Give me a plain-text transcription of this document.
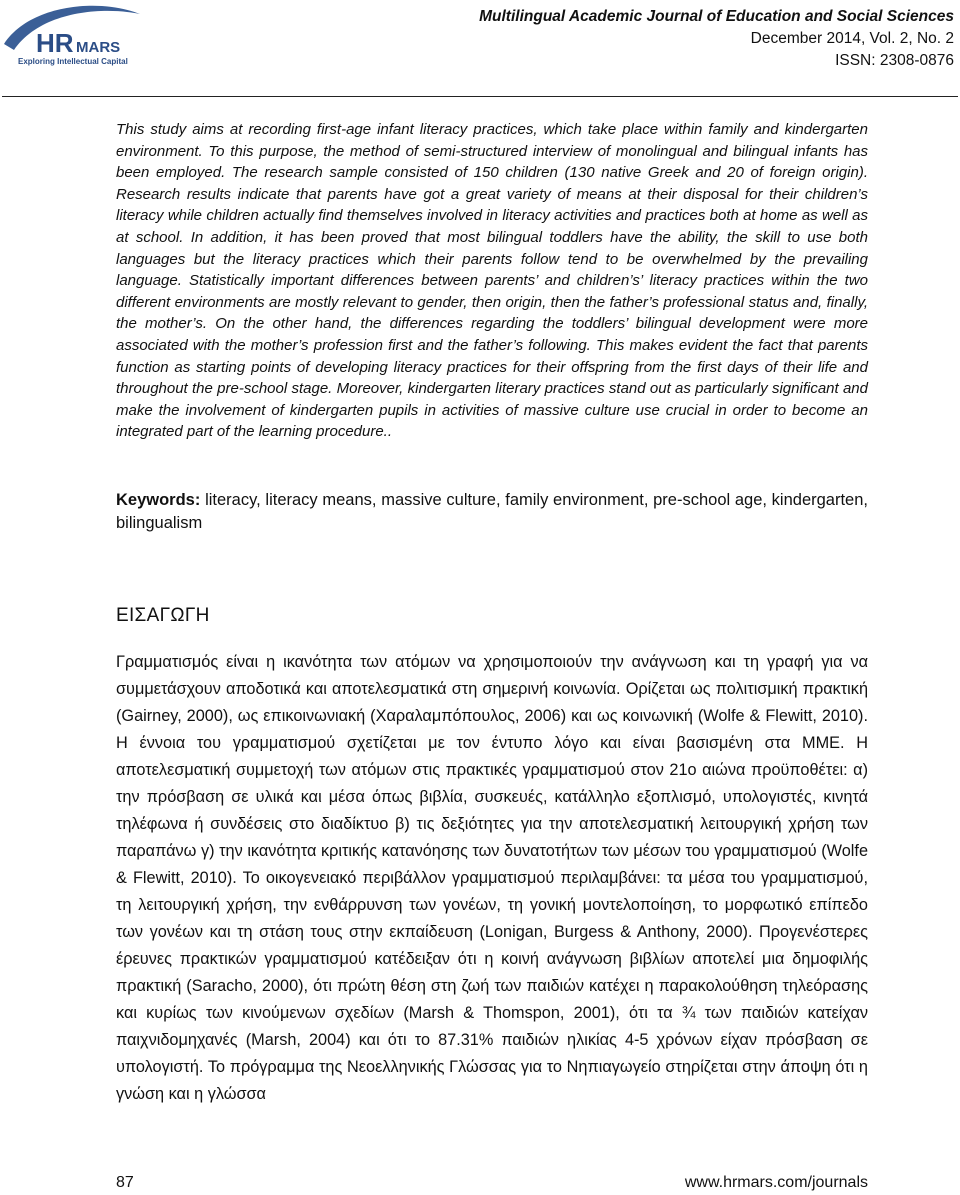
HR MARS
Exploring Intellectual Capital
Multilingual Academic Journal of Education and Social Sciences
December 2014, Vol. 2, No. 2
ISSN: 2308-0876

This study aims at recording first-age infant literacy practices, which take place within family and kindergarten environment. To this purpose, the method of semi-structured interview of monolingual and bilingual infants has been employed. The research sample consisted of 150 children (130 native Greek and 20 of foreign origin). Research results indicate that parents have got a great variety of means at their disposal for their children’s literacy while children actually find themselves involved in literacy activities and practices both at home as well as at school. In addition, it has been proved that most bilingual toddlers have the ability, the skill to use both languages but the literacy practices which their parents follow tend to be overwhelmed by the prevailing language. Statistically important differences between parents’ and children’s’ literacy practices within the two different environments are mostly relevant to gender, then origin, then the father’s professional status and, finally, the mother’s. On the other hand, the differences regarding the toddlers’ bilingual development were more associated with the mother’s profession first and the father’s following. This makes evident the fact that parents function as starting points of developing literacy practices for their offspring from the first days of their life and throughout the pre-school stage. Moreover, kindergarten literary practices stand out as particularly significant and make the involvement of kindergarten pupils in activities of massive culture use crucial in order to become an integrated part of the learning procedure..

Keywords: literacy, literacy means, massive culture, family environment, pre-school age, kindergarten, bilingualism

ΕΙΣΑΓΩΓΗ

Γραμματισμός είναι η ικανότητα των ατόμων να χρησιμοποιούν την ανάγνωση και τη γραφή για να συμμετάσχουν αποδοτικά και αποτελεσματικά στη σημερινή κοινωνία. Ορίζεται ως πολιτισμική πρακτική (Gairney, 2000), ως επικοινωνιακή (Χαραλαμπόπουλος, 2006) και ως κοινωνική (Wolfe & Flewitt, 2010). Η έννοια του γραμματισμού σχετίζεται με τον έντυπο λόγο και είναι βασισμένη στα ΜΜΕ. Η αποτελεσματική συμμετοχή των ατόμων στις πρακτικές γραμματισμού στον 21ο αιώνα προϋποθέτει: α) την πρόσβαση σε υλικά και μέσα όπως βιβλία, συσκευές, κατάλληλο εξοπλισμό, υπολογιστές, κινητά τηλέφωνα ή συνδέσεις στο διαδίκτυο β) τις δεξιότητες για την αποτελεσματική λειτουργική χρήση των παραπάνω γ) την ικανότητα κριτικής κατανόησης των δυνατοτήτων των μέσων του γραμματισμού (Wolfe & Flewitt, 2010). Το οικογενειακό περιβάλλον γραμματισμού περιλαμβάνει: τα μέσα του γραμματισμού, τη λειτουργική χρήση, την ενθάρρυνση των γονέων, τη γονική μοντελοποίηση, το μορφωτικό επίπεδο των γονέων και τη στάση τους στην εκπαίδευση (Lonigan, Burgess & Anthony, 2000). Προγενέστερες έρευνες πρακτικών γραμματισμού κατέδειξαν ότι η κοινή ανάγνωση βιβλίων αποτελεί μια δημοφιλής πρακτική (Saracho, 2000), ότι πρώτη θέση στη ζωή των παιδιών κατέχει η παρακολούθηση τηλεόρασης και κυρίως των κινούμενων σχεδίων (Marsh & Thomspon, 2001), ότι τα ¾ των παιδιών κατείχαν παιχνιδομηχανές (Marsh, 2004) και ότι το 87.31% παιδιών ηλικίας 4-5 χρόνων είχαν πρόσβαση σε υπολογιστή. Το πρόγραμμα της Νεοελληνικής Γλώσσας για το Νηπιαγωγείο στηρίζεται στην άποψη ότι η γνώση και η γλώσσα

87	www.hrmars.com/journals
